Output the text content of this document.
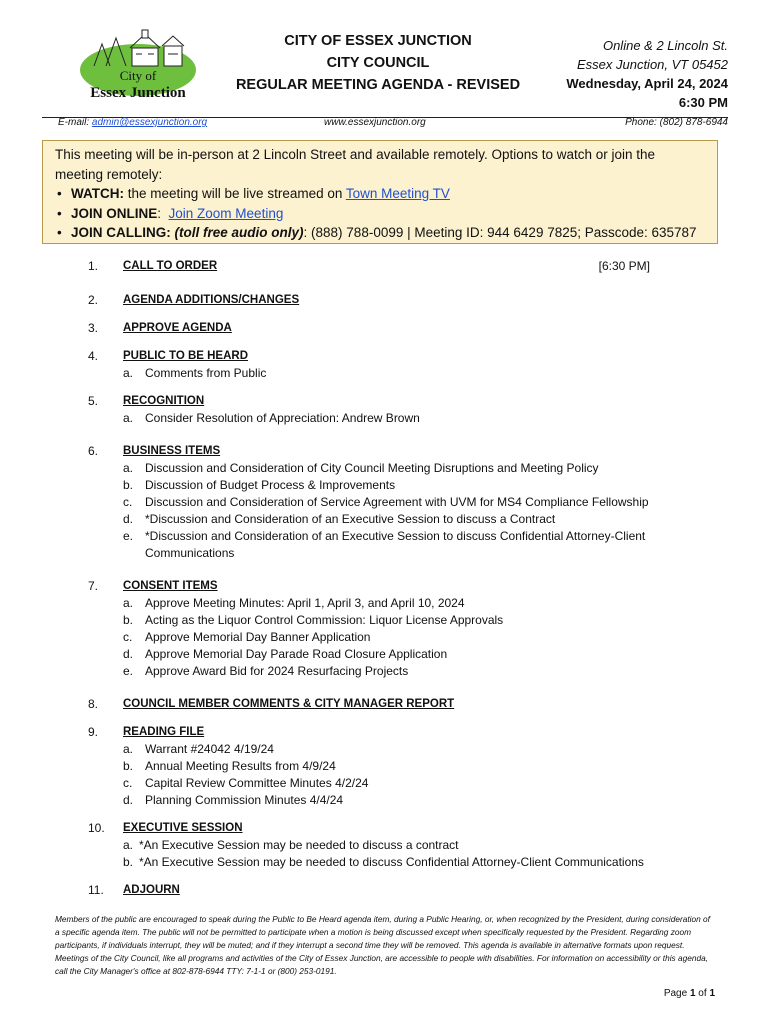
City of
Essex Junction
CITY OF ESSEX JUNCTION
CITY COUNCIL
REGULAR MEETING AGENDA - REVISED
Online & 2 Lincoln St.
Essex Junction, VT 05452
Wednesday, April 24, 2024
6:30 PM
E-mail: admin@essexjunction.org	www.essexjunction.org	Phone: (802) 878-6944
This meeting will be in-person at 2 Lincoln Street and available remotely. Options to watch or join the meeting remotely:
• WATCH: the meeting will be live streamed on Town Meeting TV
• JOIN ONLINE:  Join Zoom Meeting
• JOIN CALLING: (toll free audio only): (888) 788-0099 | Meeting ID: 944 6429 7825; Passcode: 635787
1. CALL TO ORDER	[6:30 PM]
2. AGENDA ADDITIONS/CHANGES
3. APPROVE AGENDA
4. PUBLIC TO BE HEARD
a. Comments from Public
5. RECOGNITION
a. Consider Resolution of Appreciation: Andrew Brown
6. BUSINESS ITEMS
a. Discussion and Consideration of City Council Meeting Disruptions and Meeting Policy
b. Discussion of Budget Process & Improvements
c. Discussion and Consideration of Service Agreement with UVM for MS4 Compliance Fellowship
d. *Discussion and Consideration of an Executive Session to discuss a Contract
e. *Discussion and Consideration of an Executive Session to discuss Confidential Attorney-Client Communications
7. CONSENT ITEMS
a. Approve Meeting Minutes: April 1, April 3, and April 10, 2024
b. Acting as the Liquor Control Commission: Liquor License Approvals
c. Approve Memorial Day Banner Application
d. Approve Memorial Day Parade Road Closure Application
e. Approve Award Bid for 2024 Resurfacing Projects
8. COUNCIL MEMBER COMMENTS & CITY MANAGER REPORT
9. READING FILE
a. Warrant #24042 4/19/24
b. Annual Meeting Results from 4/9/24
c. Capital Review Committee Minutes 4/2/24
d. Planning Commission Minutes 4/4/24
10. EXECUTIVE SESSION
a. *An Executive Session may be needed to discuss a contract
b. *An Executive Session may be needed to discuss Confidential Attorney-Client Communications
11. ADJOURN
Members of the public are encouraged to speak during the Public to Be Heard agenda item, during a Public Hearing, or, when recognized by the President, during consideration of a specific agenda item. The public will not be permitted to participate when a motion is being discussed except when specifically requested by the President. Regarding zoom participants, if individuals interrupt, they will be muted; and if they interrupt a second time they will be removed. This agenda is available in alternative formats upon request. Meetings of the City Council, like all programs and activities of the City of Essex Junction, are accessible to people with disabilities. For information on accessibility or this agenda, call the City Manager's office at 802-878-6944 TTY: 7-1-1 or (800) 253-0191.
Page 1 of 1
